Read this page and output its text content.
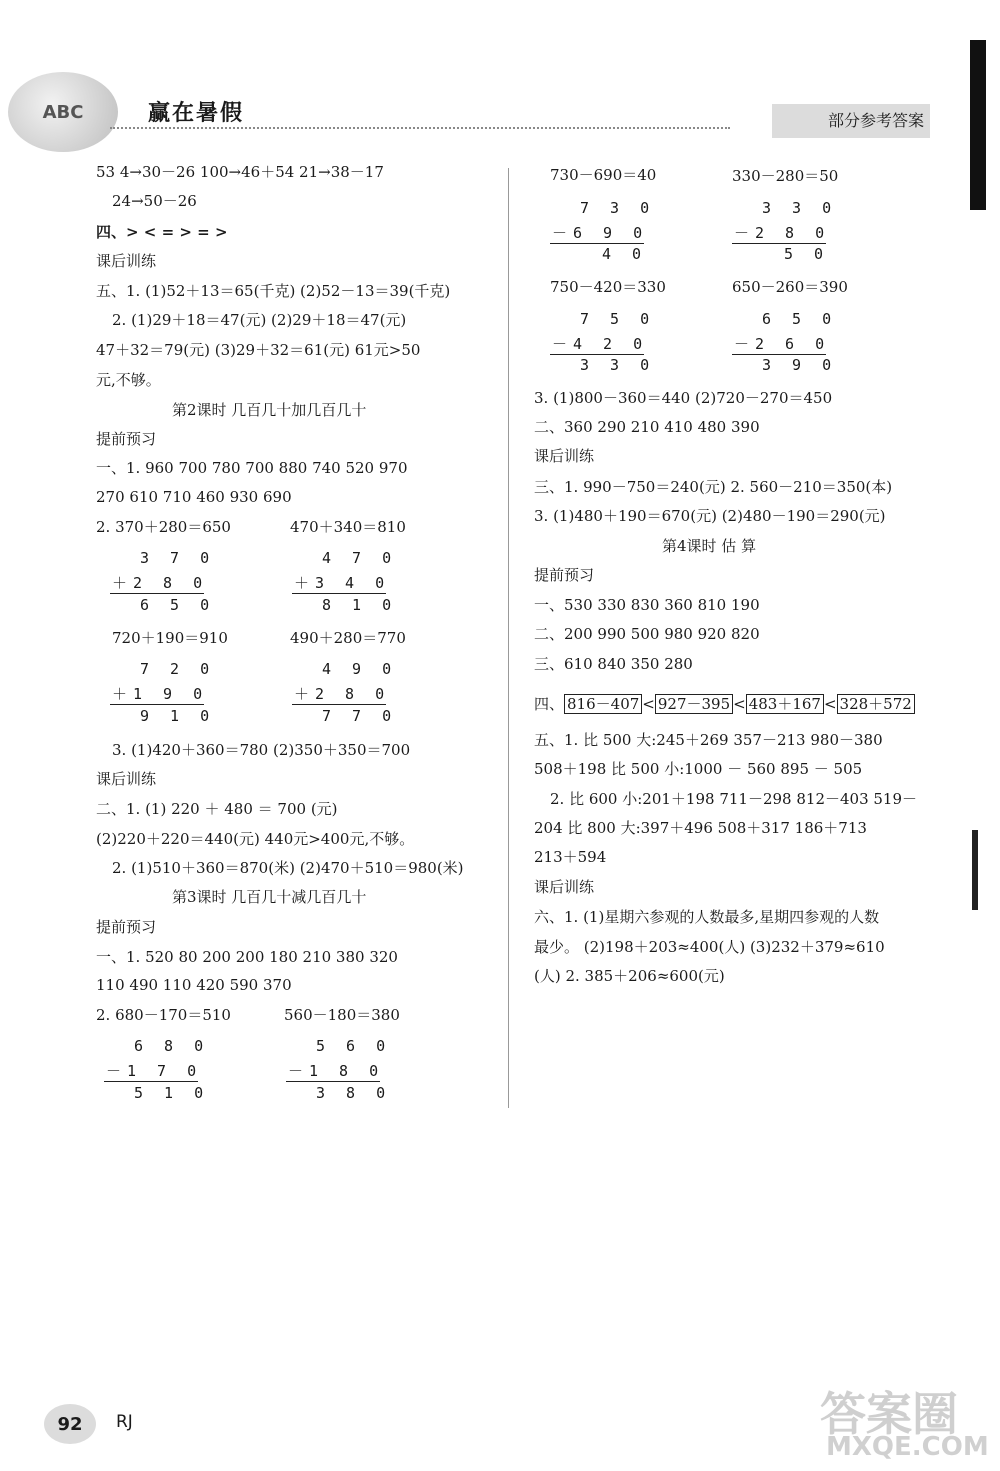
ABC	赢在暑假	部分参考答案
53 4→30－26 100→46＋54 21→38－17
24→50－26
四、> < = > = >
课后训练
五、1. (1)52＋13＝65(千克) (2)52－13＝39(千克)
2. (1)29＋18＝47(元) (2)29＋18＝47(元)
47＋32＝79(元) (3)29＋32＝61(元) 61元>50
元,不够。
第2课时 几百几十加几百几十
提前预习
一、1. 960 700 780 700 880 740 520 970
270 610 710 460 930 690
2. 370＋280＝650	470＋340＝810
3 7 0
＋2 8 0
6 5 0
4 7 0
＋3 4 0
8 1 0
720＋190＝910	490＋280＝770
7 2 0
＋1 9 0
9 1 0
4 9 0
＋2 8 0
7 7 0
3. (1)420＋360＝780 (2)350＋350＝700
课后训练
二、1. (1) 220 ＋ 480 ＝ 700 (元)
(2)220＋220＝440(元) 440元>400元,不够。
2. (1)510＋360＝870(米) (2)470＋510＝980(米)
第3课时 几百几十减几百几十
提前预习
一、1. 520 80 200 200 180 210 380 320
110 490 110 420 590 370
2. 680－170＝510	560－180＝380
6 8 0
－1 7 0
5 1 0
5 6 0
－1 8 0
3 8 0
730－690＝40	330－280＝50
7 3 0
－6 9 0
4 0
3 3 0
－2 8 0
5 0
750－420＝330	650－260＝390
7 5 0
－4 2 0
3 3 0
6 5 0
－2 6 0
3 9 0
3. (1)800－360＝440 (2)720－270＝450
二、360 290 210 410 480 390
课后训练
三、1. 990－750＝240(元) 2. 560－210＝350(本)
3. (1)480＋190＝670(元) (2)480－190＝290(元)
第4课时 估 算
提前预习
一、530 330 830 360 810 190
二、200 990 500 980 920 820
三、610 840 350 280
四、 816－407 < 927－395 < 483＋167 < 328＋572
五、1. 比 500 大:245＋269 357－213 980－380
508＋198 比 500 小:1000 － 560 895 － 505
2. 比 600 小:201＋198 711－298 812－403 519－
204 比 800 大:397＋496 508＋317 186＋713
213＋594
课后训练
六、1. (1)星期六参观的人数最多,星期四参观的人数
最少。 (2)198＋203≈400(人) (3)232＋379≈610
(人) 2. 385＋206≈600(元)
92	RJ	答案圈
MXQE.COM
